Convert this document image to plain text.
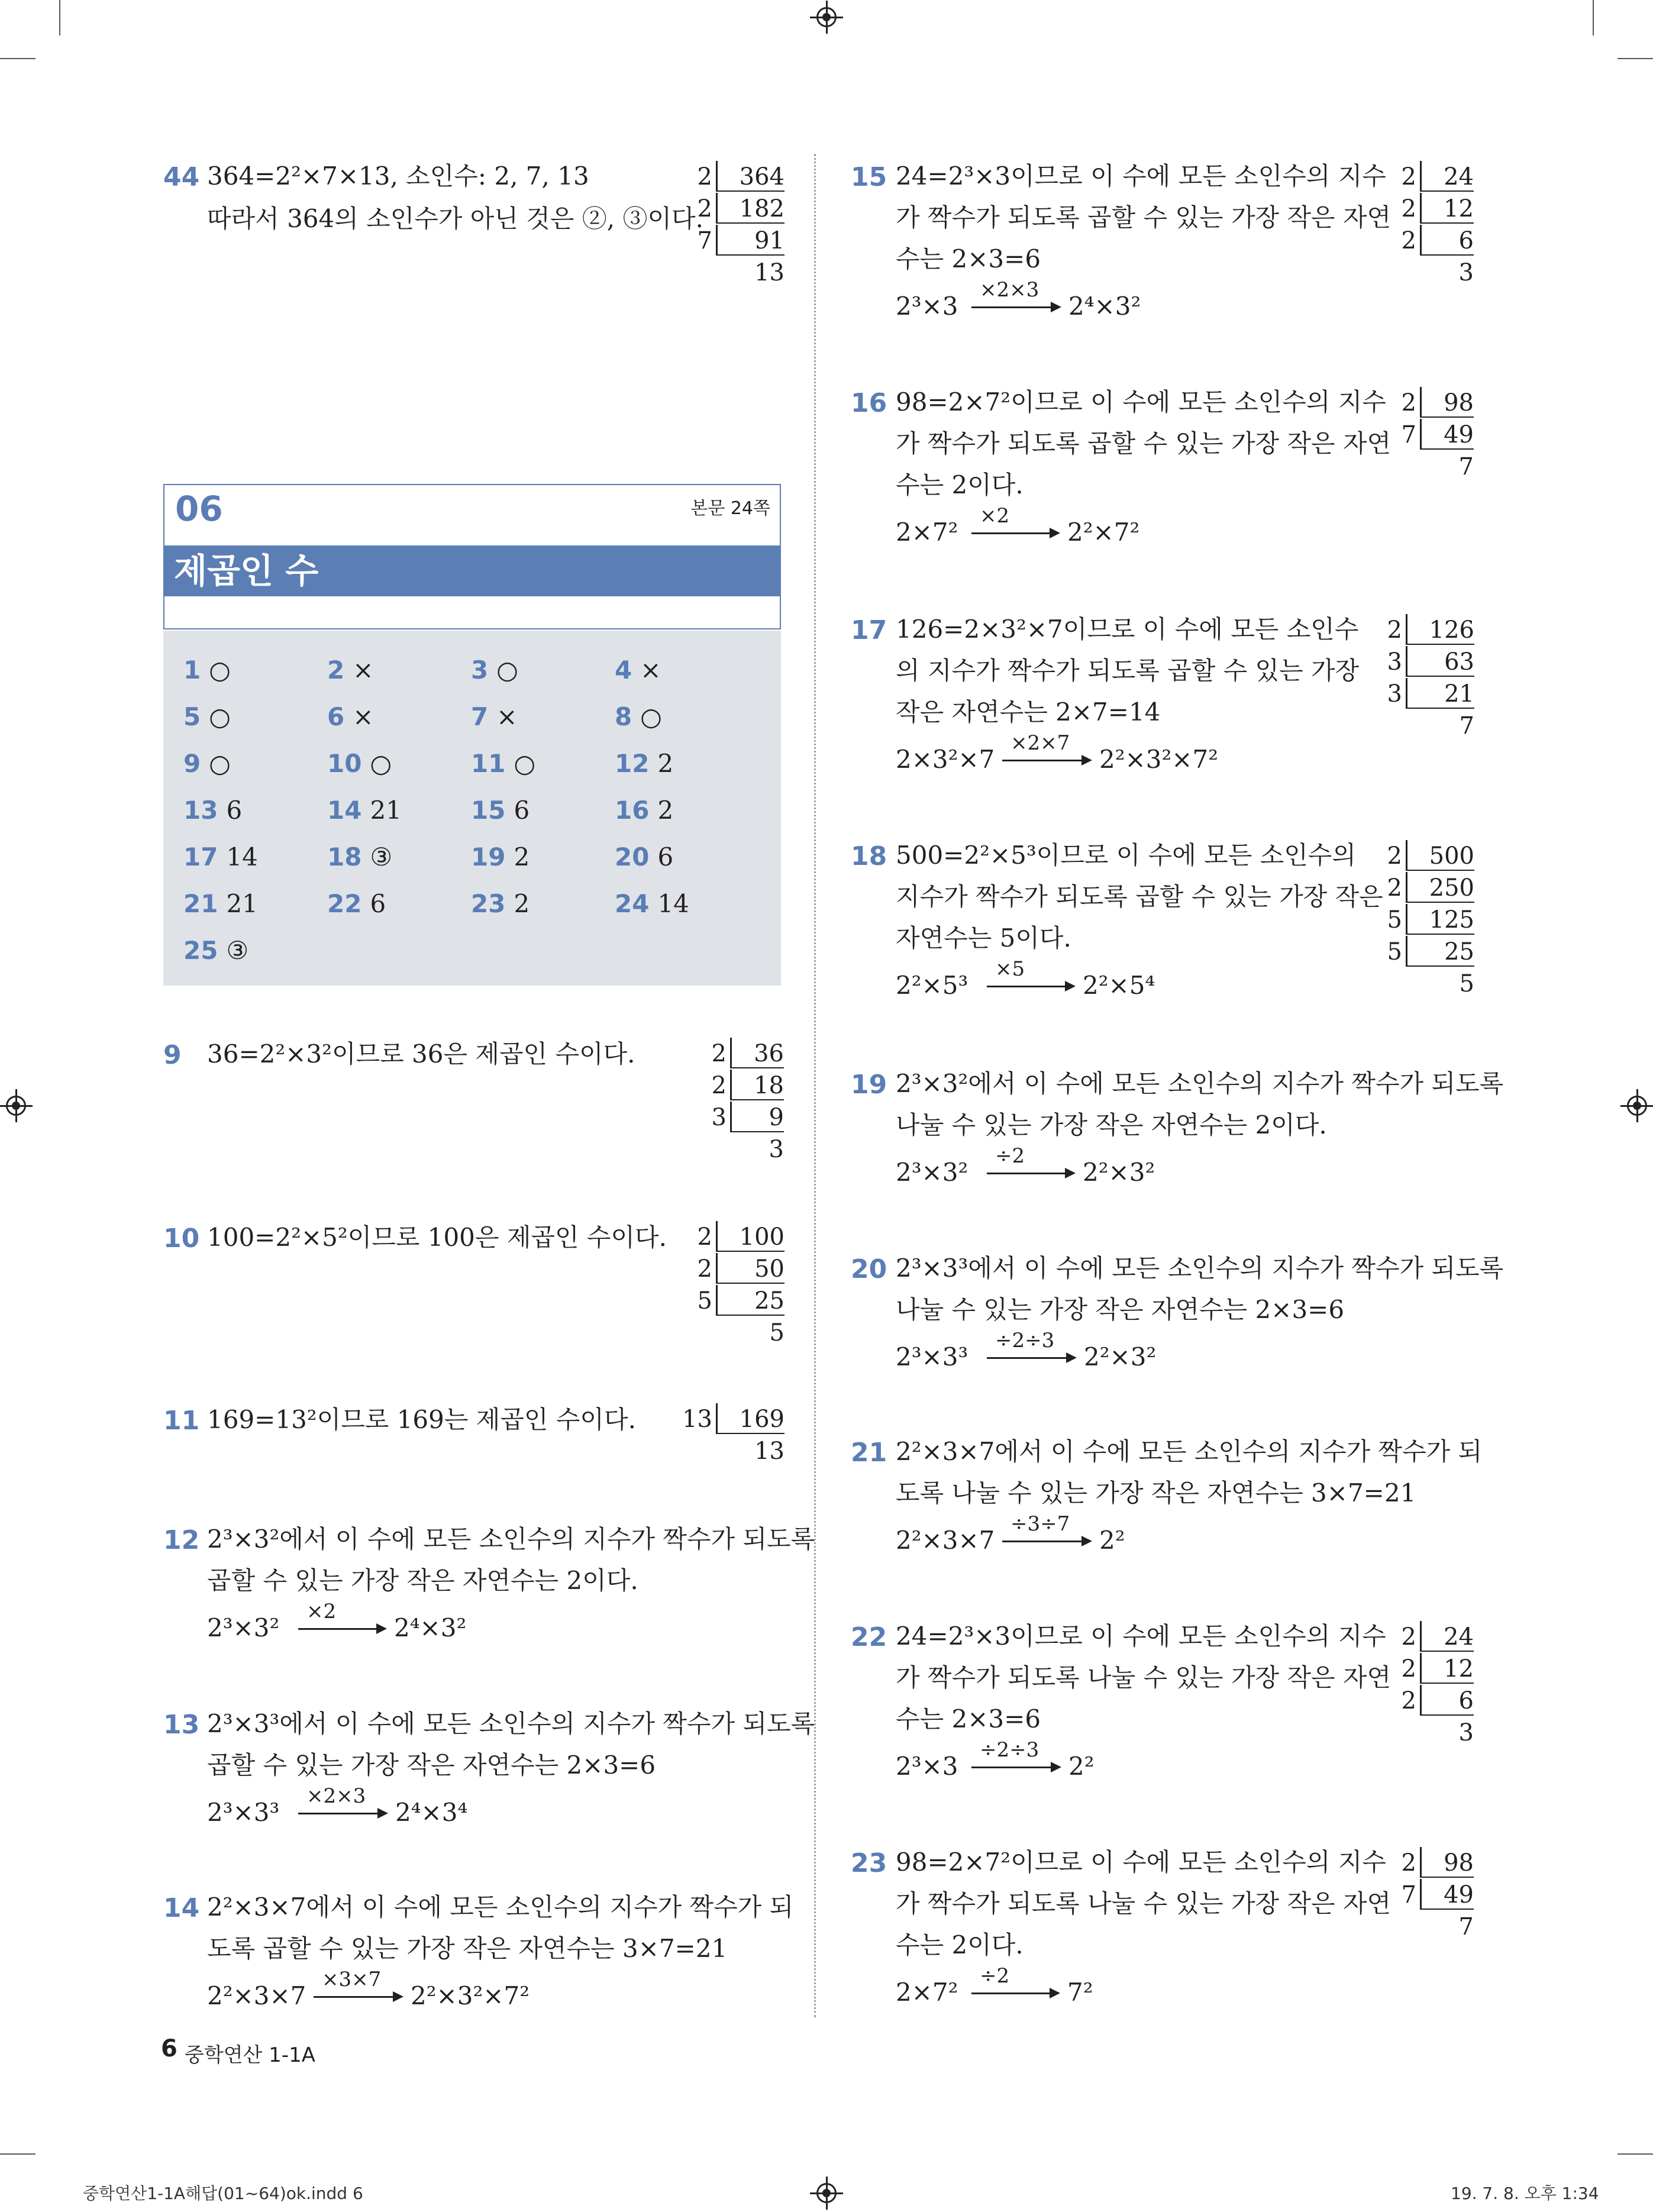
44 364=2²×7×13, 소인수: 2, 7, 13
따라서 364의 소인수가 아닌 것은 ②, ③이다.
2	364
2	182
7	91
13
06	본문 24쪽
제곱인 수
1 ○	2 ×	3 ○	4 ×
5 ○	6 ×	7 ×	8 ○
9 ○	10 ○	11 ○	12 2
13 6	14 21	15 6	16 2
17 14	18 ③	19 2	20 6
21 21	22 6	23 2	24 14
25 ③
9 36=2²×3²이므로 36은 제곱인 수이다.	2	36
2	18
3	9
3
10 100=2²×5²이므로 100은 제곱인 수이다. 2	100
2	50
5	25
5
11 169=13²이므로 169는 제곱인 수이다. 13	169
13
12 2³×3²에서 이 수에 모든 소인수의 지수가 짝수가 되도록
곱할 수 있는 가장 작은 자연수는 2이다.
2³×3²
×2
2⁴×3²
13 2³×3³에서 이 수에 모든 소인수의 지수가 짝수가 되도록
곱할 수 있는 가장 작은 자연수는 2×3=6
2³×3³
×2×3
2⁴×3⁴
14 2²×3×7에서 이 수에 모든 소인수의 지수가 짝수가 되
도록 곱할 수 있는 가장 작은 자연수는 3×7=21
2²×3×7
×3×7
2²×3²×7²
15 24=2³×3이므로 이 수에 모든 소인수의 지수
가 짝수가 되도록 곱할 수 있는 가장 작은 자연
수는 2×3=6
2³×3
×2×3
2⁴×3²
2	24
2	12
2	6
3
16 98=2×7²이므로 이 수에 모든 소인수의 지수
가 짝수가 되도록 곱할 수 있는 가장 작은 자연
수는 2이다.
2×7²
×2
2²×7²
2	98
7	49
7
17 126=2×3²×7이므로 이 수에 모든 소인수
의 지수가 짝수가 되도록 곱할 수 있는 가장
작은 자연수는 2×7=14
2×3²×7
×2×7
2²×3²×7²
2	126
3	63
3	21
7
18 500=2²×5³이므로 이 수에 모든 소인수의
지수가 짝수가 되도록 곱할 수 있는 가장 작은
자연수는 5이다.
2²×5³
×5
2²×5⁴
2	500
2	250
5	125
5	25
5
19 2³×3²에서 이 수에 모든 소인수의 지수가 짝수가 되도록
나눌 수 있는 가장 작은 자연수는 2이다.
2³×3²
÷2
2²×3²
20 2³×3³에서 이 수에 모든 소인수의 지수가 짝수가 되도록
나눌 수 있는 가장 작은 자연수는 2×3=6
2³×3³
÷2÷3
2²×3²
21 2²×3×7에서 이 수에 모든 소인수의 지수가 짝수가 되
도록 나눌 수 있는 가장 작은 자연수는 3×7=21
2²×3×7
÷3÷7
2²
22 24=2³×3이므로 이 수에 모든 소인수의 지수
가 짝수가 되도록 나눌 수 있는 가장 작은 자연
수는 2×3=6
2³×3
÷2÷3
2²
2	24
2	12
2	6
3
23 98=2×7²이므로 이 수에 모든 소인수의 지수
가 짝수가 되도록 나눌 수 있는 가장 작은 자연
수는 2이다.
2×7²
÷2
7²
2	98
7	49
7
6 중학연산 1-1A
중학연산1-1A해답(01~64)ok.indd 6	19. 7. 8. 오후 1:34
